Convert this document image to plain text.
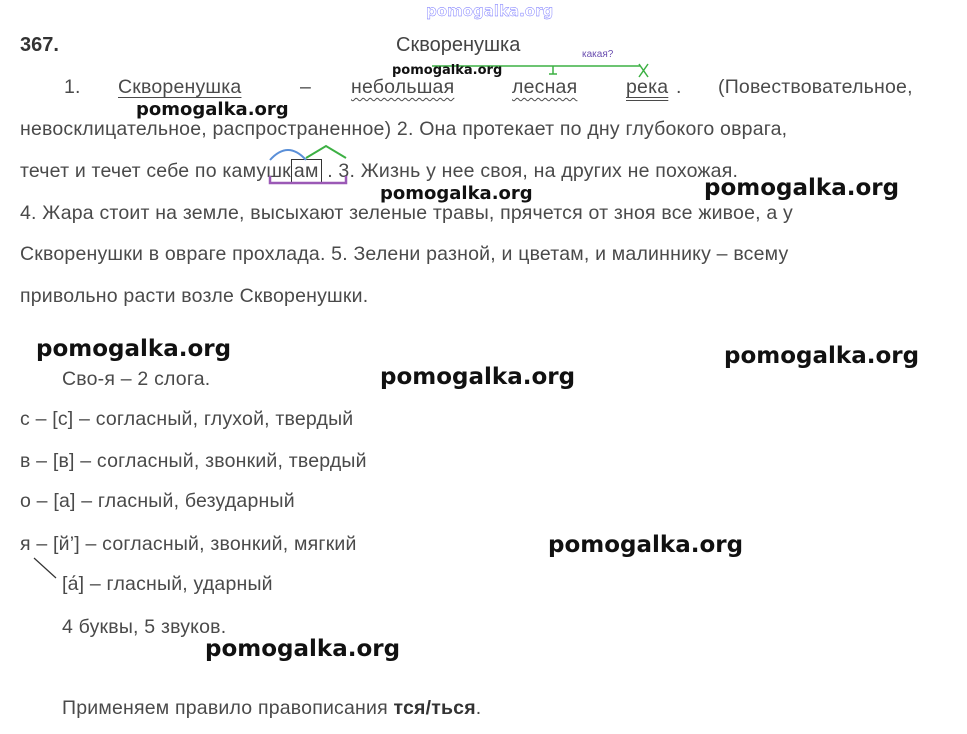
pomogalka.org
367.	Скворенушка	какая?
1. Скворенушка	– небольшая	лесная река . (Повествовательное,
невосклицательное, распространенное) 2. Она протекает по дну глубокого оврага,
течет и течет себе по камушк ам . 3. Жизнь у нее своя, на других не похожая.
4. Жара стоит на земле, высыхают зеленые травы, прячется от зноя все живое, а у
Скворенушки в овраге прохлада. 5. Зелени разной, и цветам, и малиннику – всему
привольно расти возле Скворенушки.
Сво-я – 2 слога.
с – [с] – согласный, глухой, твердый
в – [в] – согласный, звонкий, твердый
о – [а] – гласный, безударный
я – [й’] – согласный, звонкий, мягкий
[а́] – гласный, ударный
4 буквы, 5 звуков.
Применяем правило правописания тся/ться.
pomogalka.org
pomogalka.org
pomogalka.org	pomogalka.org
pomogalka.org	pomogalka.org
pomogalka.org
pomogalka.org
pomogalka.org
